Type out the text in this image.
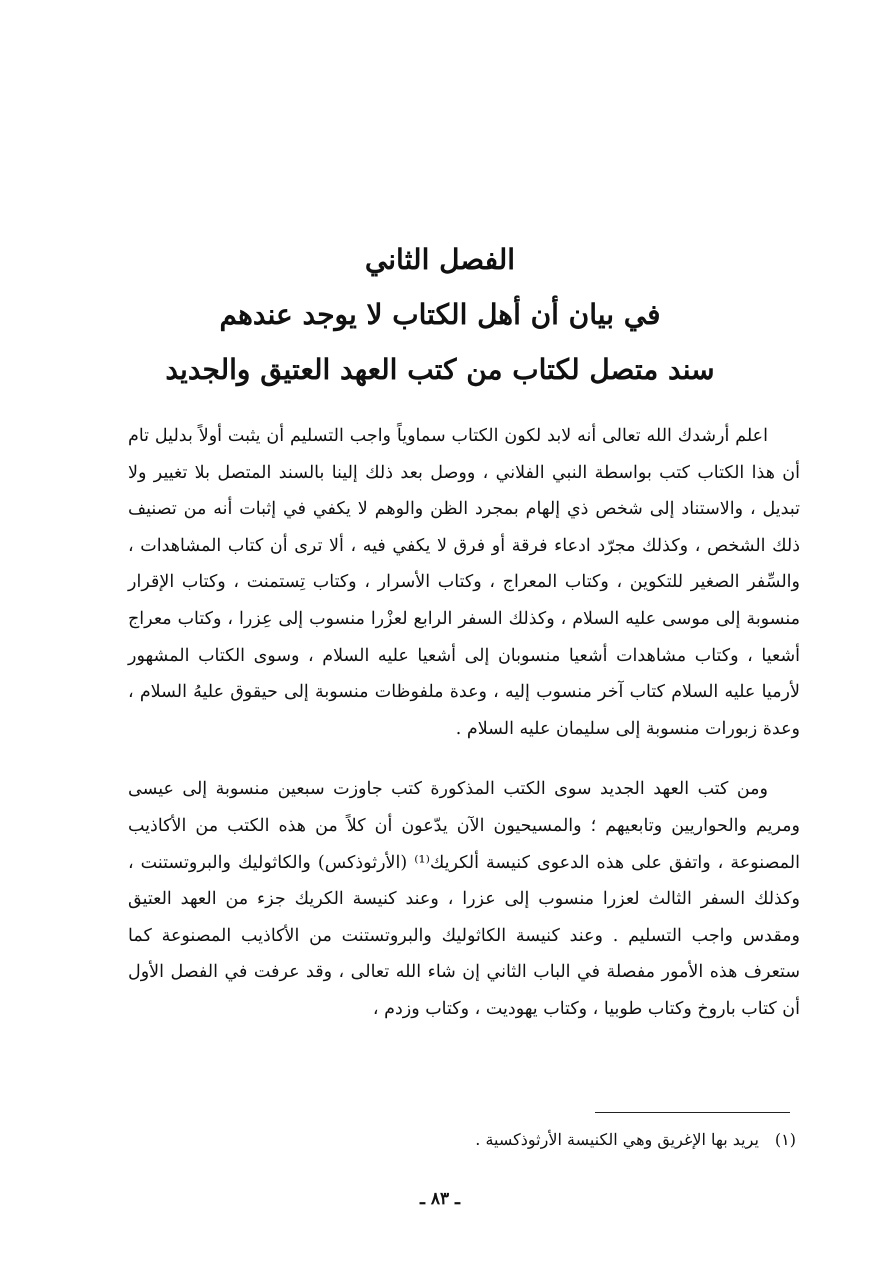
الفصل الثاني
في بيان أن أهل الكتاب لا يوجد عندهم
سند متصل لكتاب من كتب العهد العتيق والجديد

اعلم أرشدك الله تعالى أنه لابد لكون الكتاب سماوياً واجب التسليم أن يثبت أولاً بدليل تام أن هذا الكتاب كتب بواسطة النبي الفلاني ، ووصل بعد ذلك إلينا بالسند المتصل بلا تغيير ولا تبديل ، والاستناد إلى شخص ذي إلهام بمجرد الظن والوهم لا يكفي في إثبات أنه من تصنيف ذلك الشخص ، وكذلك مجرّد ادعاء فرقة أو فرق لا يكفي فيه ، ألا ترى أن كتاب المشاهدات ، والسِّفر الصغير للتكوين ، وكتاب المعراج ، وكتاب الأسرار ، وكتاب تِستمنت ، وكتاب الإقرار منسوبة إلى موسى عليه السلام ، وكذلك السفر الرابع لعزْرا منسوب إلى عِزرا ، وكتاب معراج أشعيا ، وكتاب مشاهدات أشعيا منسوبان إلى أشعيا عليه السلام ، وسوى الكتاب المشهور لأرميا عليه السلام كتاب آخر منسوب إليه ، وعدة ملفوظات منسوبة إلى حيقوق عليهُ السلام ، وعدة زبورات منسوبة إلى سليمان عليه السلام .

ومن كتب العهد الجديد سوى الكتب المذكورة كتب جاوزت سبعين منسوبة إلى عيسى ومريم والحواريين وتابعيهم ؛ والمسيحيون الآن يدّعون أن كلاً من هذه الكتب من الأكاذيب المصنوعة ، واتفق على هذه الدعوى كنيسة ألكريك⁽¹⁾ (الأرثوذكس) والكاثوليك والبروتستنت ، وكذلك السفر الثالث لعزرا منسوب إلى عزرا ، وعند كنيسة الكريك جزء من العهد العتيق ومقدس واجب التسليم . وعند كنيسة الكاثوليك والبروتستنت من الأكاذيب المصنوعة كما ستعرف هذه الأمور مفصلة في الباب الثاني إن شاء الله تعالى ، وقد عرفت في الفصل الأول أن كتاب باروخ وكتاب طوبيا ، وكتاب يهوديت ، وكتاب وزدم ،

(١)يريد بها الإغريق وهي الكنيسة الأرثوذكسية .
ـ ٨٣ ـ
